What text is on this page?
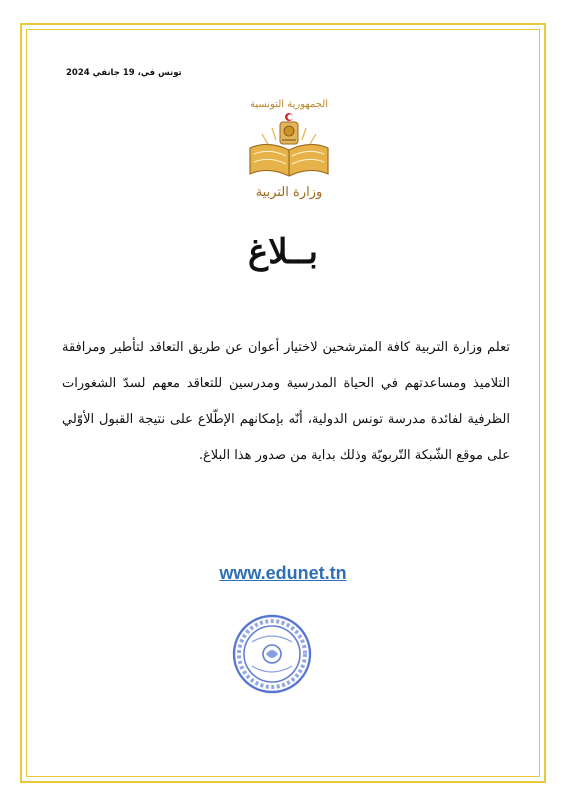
تونس في، 19 جانفي 2024
الجمهورية التونسية
وزارة التربية
بــلاغ
تعلم وزارة التربية كافة المترشحين لاختيار أعوان عن طريق التعاقد لتأطير ومرافقة التلاميذ ومساعدتهم في الحياة المدرسية ومدرسين للتعاقد معهم لسدّ الشغورات الظرفية لفائدة مدرسة تونس الدولية، أنّه بإمكانهم الإطّلاع على نتيجة القبول الأوّلي على موقع الشّبكة التّربويّة وذلك بداية من صدور هذا البلاغ.
www.edunet.tn
